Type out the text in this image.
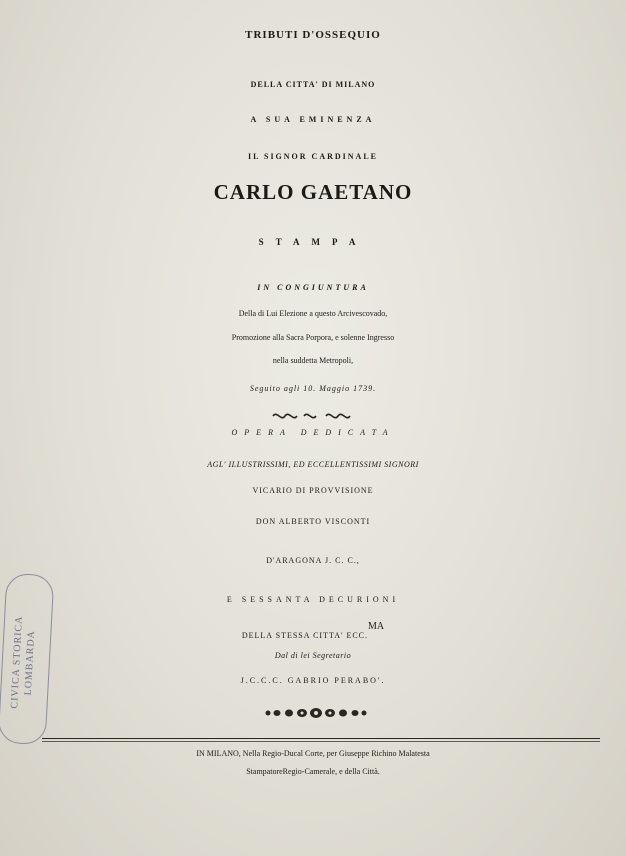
TRIBUTI D'OSSEQUIO

DELLA CITTA' DI MILANO

A SUA EMINENZA

IL SIGNOR CARDINALE

CARLO GAETANO

STAMPA

IN CONGIUNTURA

Della di Lui Elezione a questo Arcivescovado,

Promozione alla Sacra Porpora, e solenne Ingresso

nella suddetta Metropoli,

Seguito agli 10. Maggio 1739.

OPERA DEDICATA

AGL' ILLUSTRISSIMI, ED ECCELLENTISSIMI SIGNORI

VICARIO DI PROVVISIONE

DON ALBERTO VISCONTI

D'ARAGONA J. C. C.,

E SESSANTA DECURIONI

DELLA STESSA CITTA' ECC.$^{MA}$

Dal di lei Segretario

J.C.C.C. GABRIO PERABO'.

IN MILANO, Nella Regio-Ducal Corte, per Giuseppe Richino Malatesta

StampatoreRegio-Camerale, e della Città.

CIVICA STORICA
LOMBARDA
